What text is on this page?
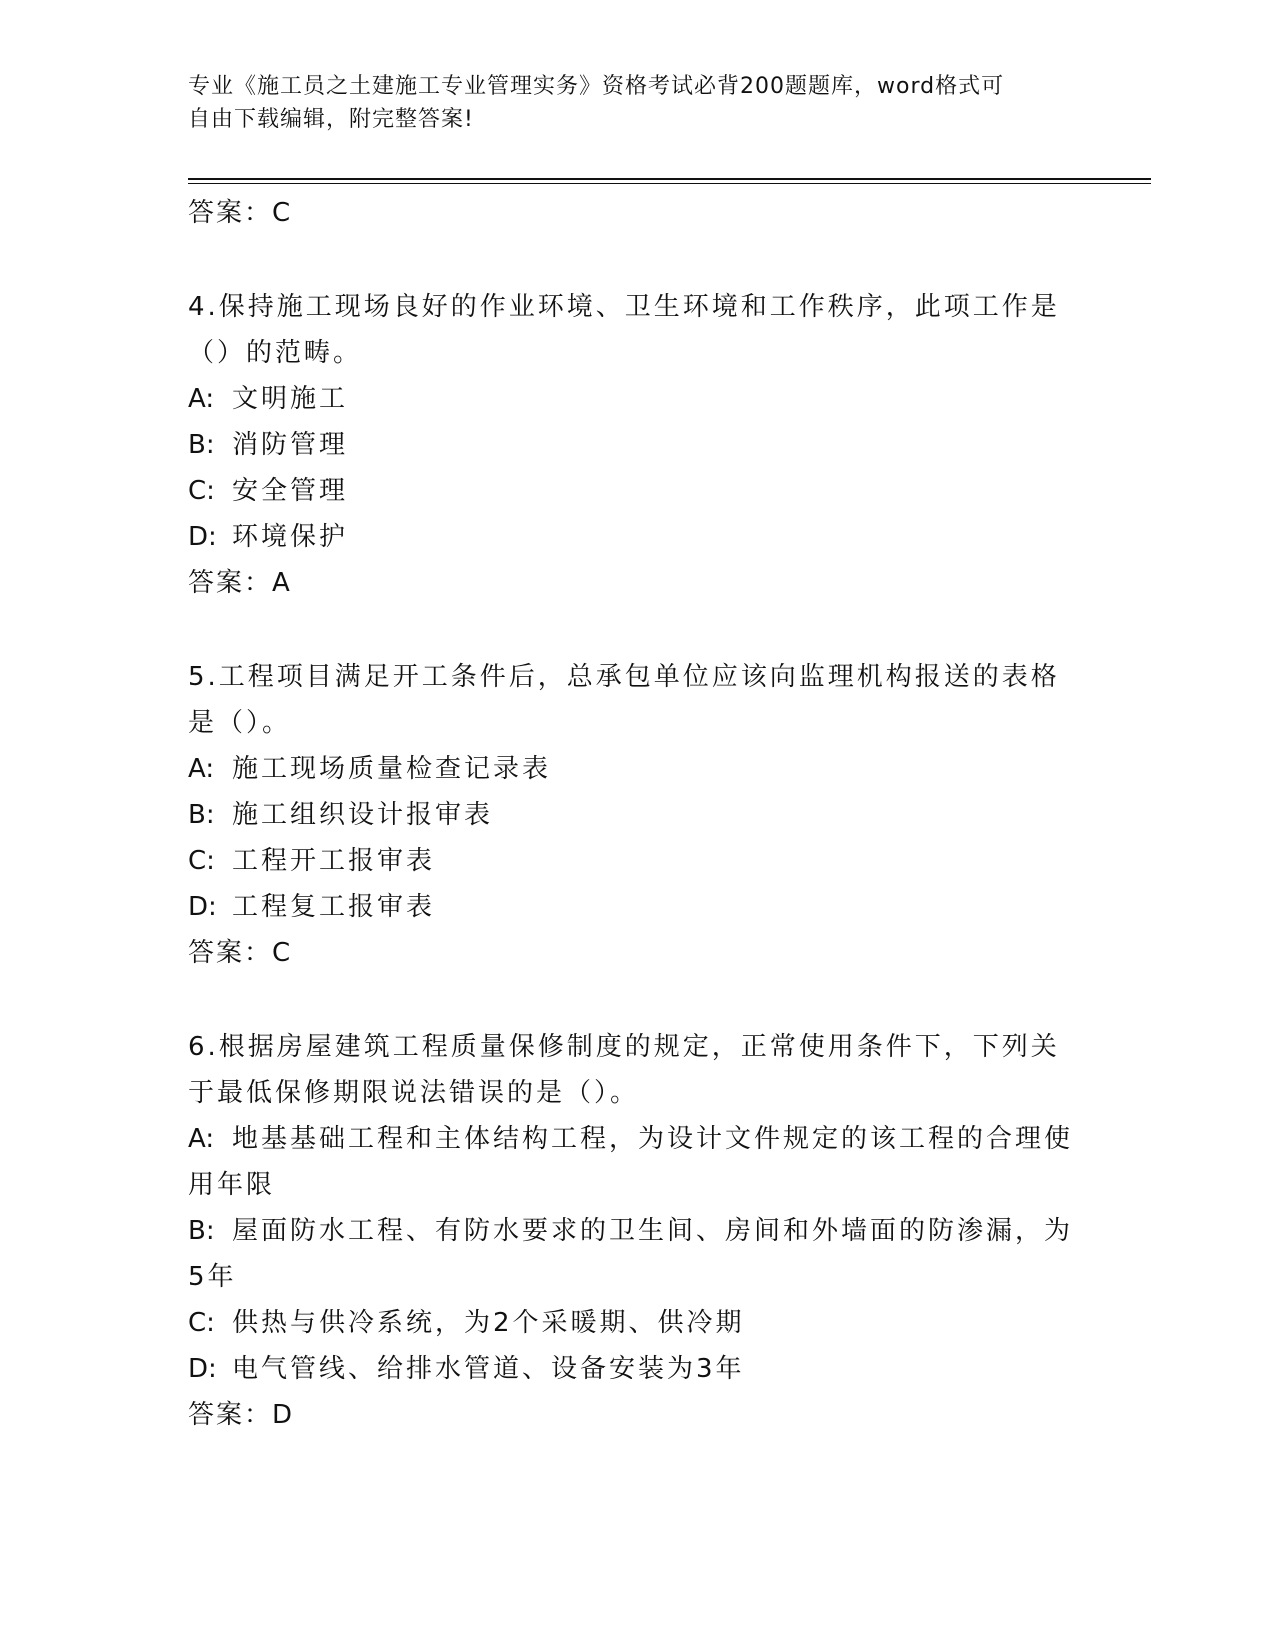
专业《施工员之土建施工专业管理实务》资格考试必背200题题库，word格式可
自由下载编辑，附完整答案!
答案：C
4.保持施工现场良好的作业环境、卫生环境和工作秩序，此项工作是（）的范畴。
A: 文明施工
B: 消防管理
C: 安全管理
D: 环境保护
答案：A
5.工程项目满足开工条件后，总承包单位应该向监理机构报送的表格是（）。
A: 施工现场质量检查记录表
B: 施工组织设计报审表
C: 工程开工报审表
D: 工程复工报审表
答案：C
6.根据房屋建筑工程质量保修制度的规定，正常使用条件下，下列关于最低保修期限说法错误的是（）。
A: 地基基础工程和主体结构工程，为设计文件规定的该工程的合理使用年限
B: 屋面防水工程、有防水要求的卫生间、房间和外墙面的防渗漏，为5年
C: 供热与供冷系统，为2个采暖期、供冷期
D: 电气管线、给排水管道、设备安装为3年
答案：D
